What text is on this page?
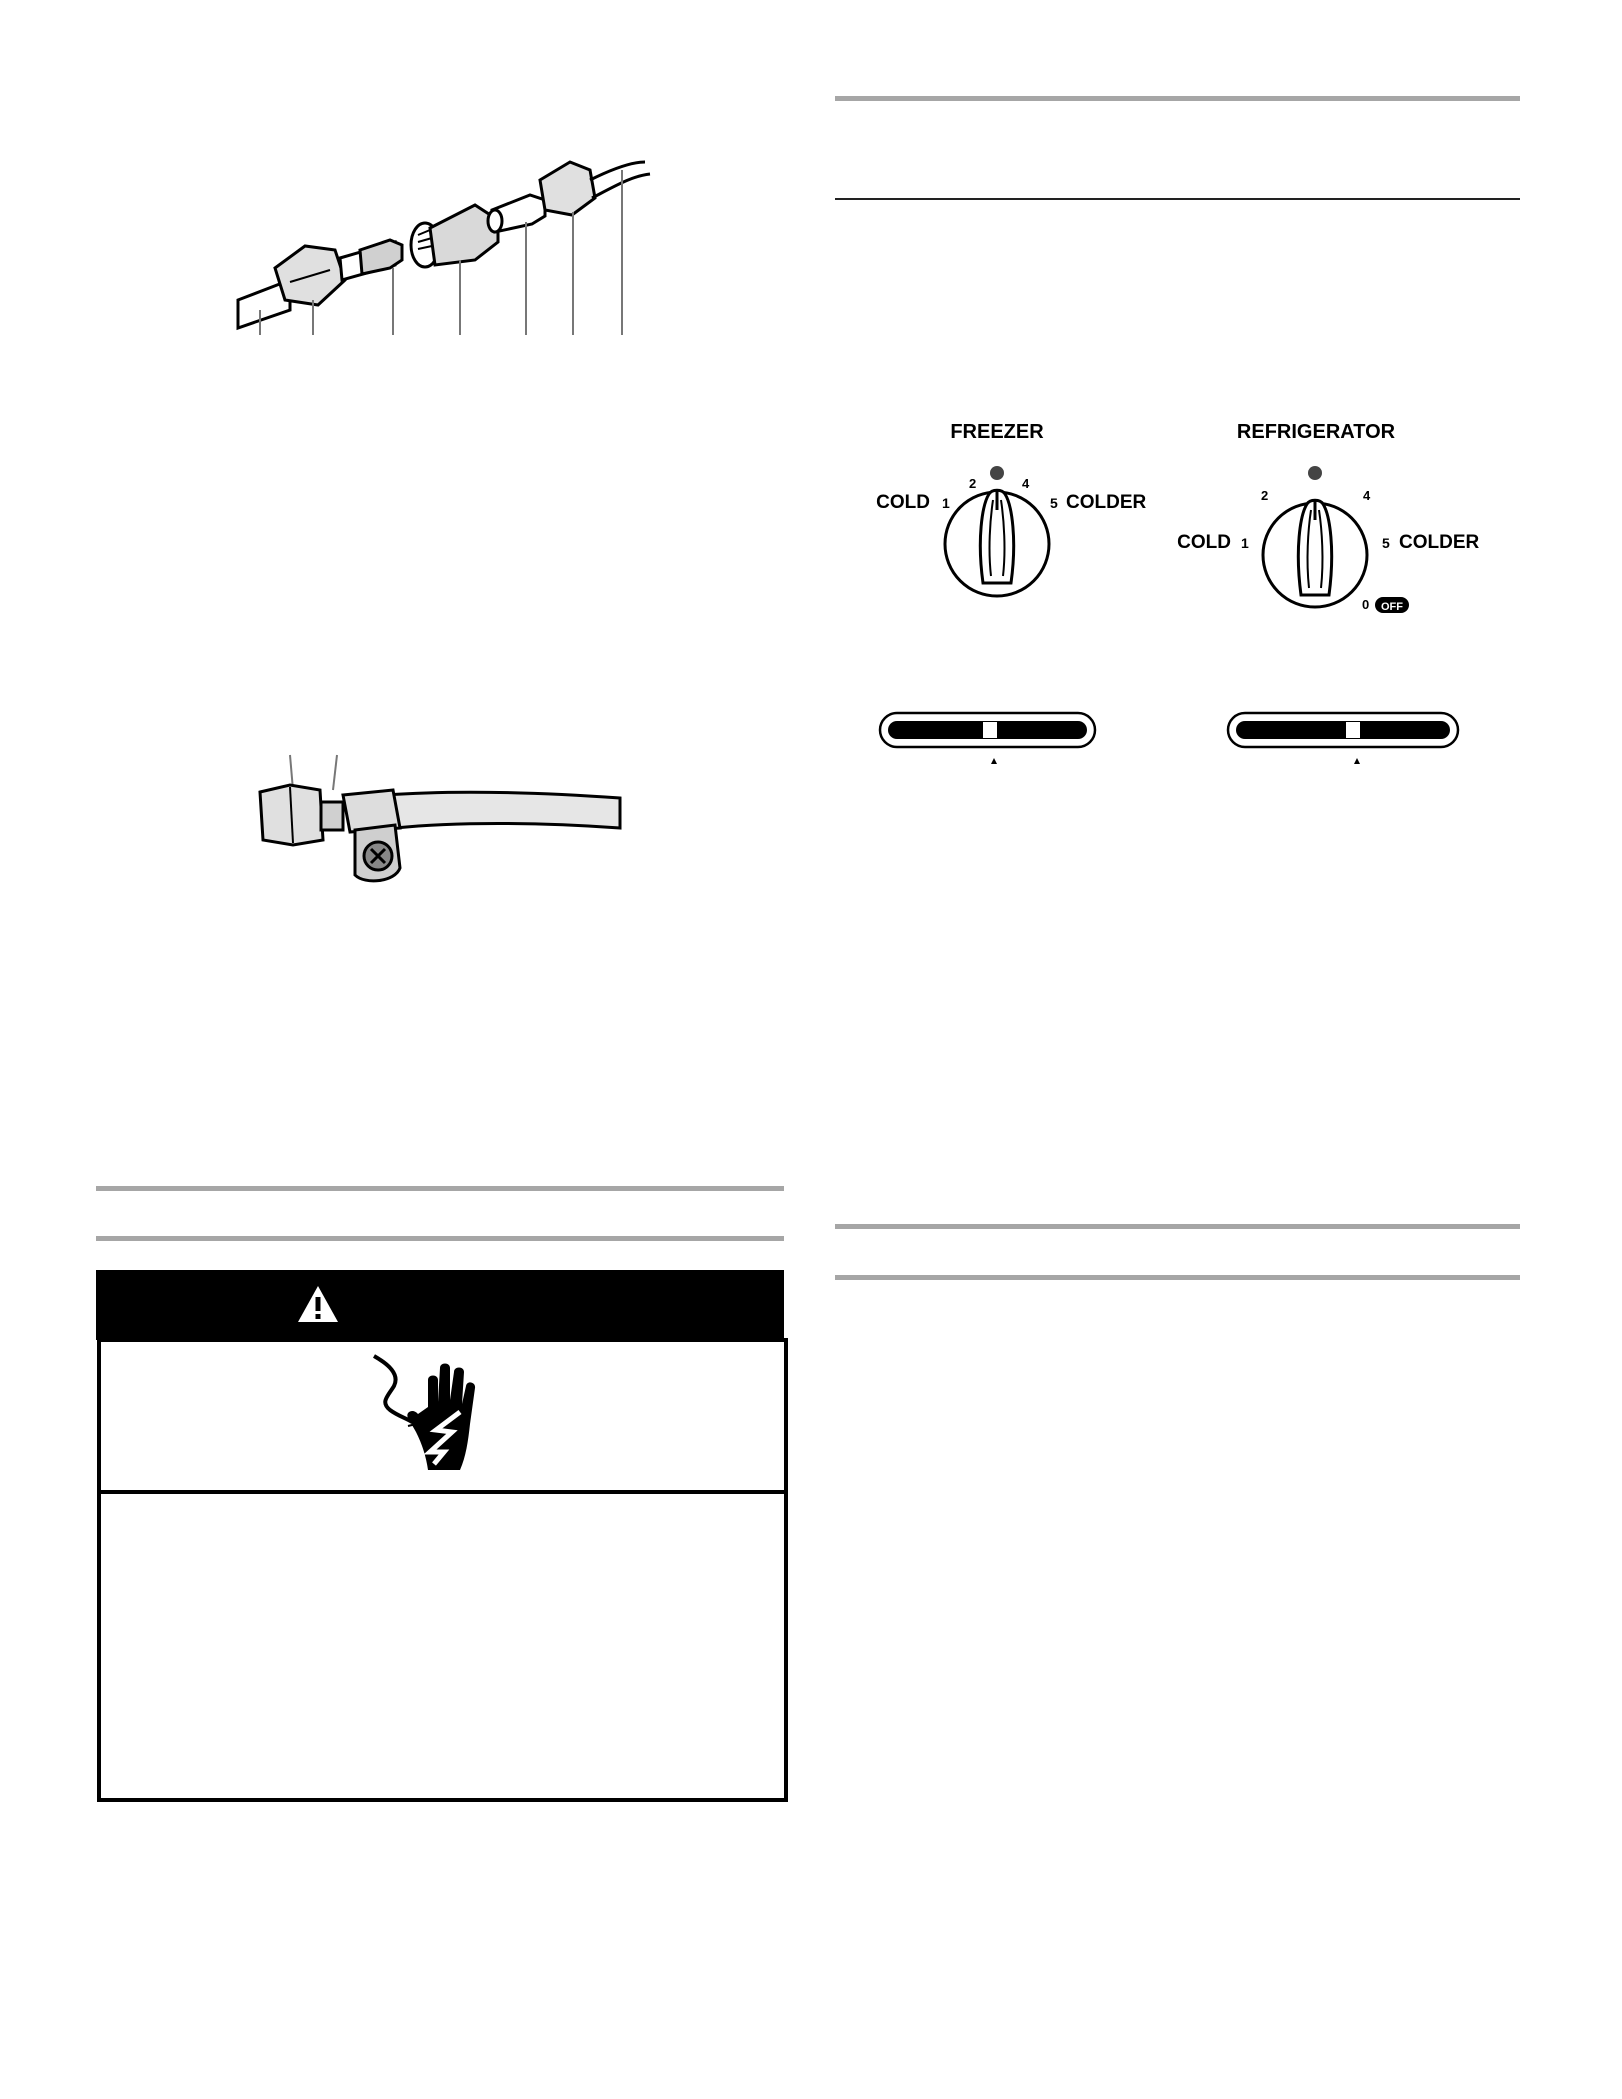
FREEZER
COLD 1
2	4
5 COLDER
REFRIGERATOR
2	4
COLD 1	5 COLDER
0 OFF
